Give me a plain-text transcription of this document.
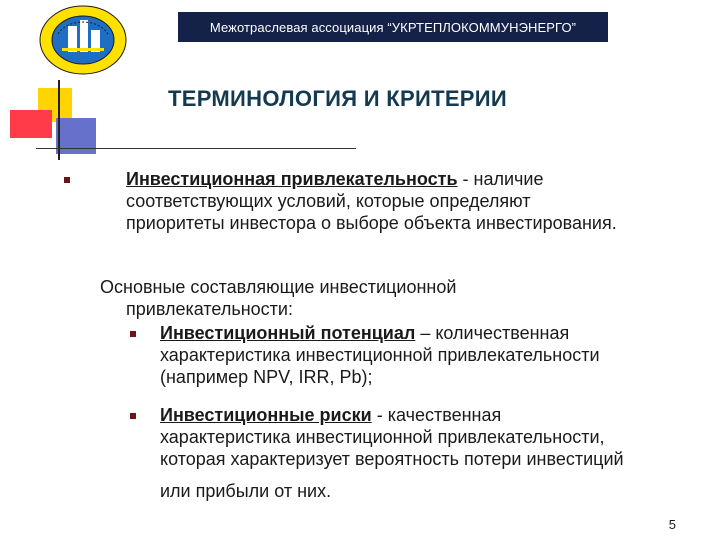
Межотраслевая ассоциация “УКРТЕПЛОКОММУНЭНЕРГО”
ТЕРМИНОЛОГИЯ И КРИТЕРИИ
Инвестиционная привлекательность - наличие
соответствующих условий, которые определяют
приоритеты инвестора о выборе объекта инвестирования.
Основные составляющие инвестиционной
привлекательности:
Инвестиционный потенциал – количественная
характеристика инвестиционной привлекательности
(например NPV, IRR, Pb);
Инвестиционные риски - качественная
характеристика инвестиционной привлекательности,
которая характеризует вероятность потери инвестиций
или прибыли от них.
5
